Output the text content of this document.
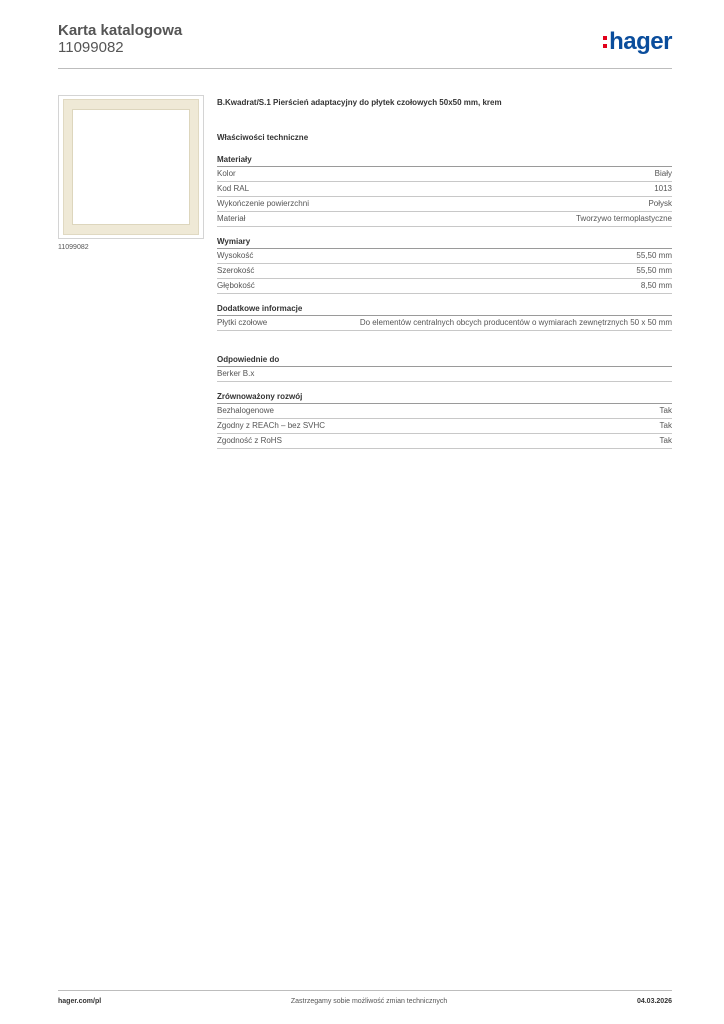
Karta katalogowa
11099082	hager
11099082
B.Kwadrat/S.1 Pierścień adaptacyjny do płytek czołowych 50x50 mm, krem
Właściwości techniczne
Materiały
Kolor	Biały
Kod RAL	1013
Wykończenie powierzchni	Połysk
Materiał	Tworzywo termoplastyczne
Wymiary
Wysokość	55,50 mm
Szerokość	55,50 mm
Głębokość	8,50 mm
Dodatkowe informacje
Płytki czołowe	Do elementów centralnych obcych producentów o wymiarach zewnętrznych 50 x 50 mm
Odpowiednie do
Berker B.x
Zrównoważony rozwój
Bezhalogenowe	Tak
Zgodny z REACh – bez SVHC	Tak
Zgodność z RoHS	Tak
hager.com/pl	Zastrzegamy sobie możliwość zmian technicznych	04.03.2026
